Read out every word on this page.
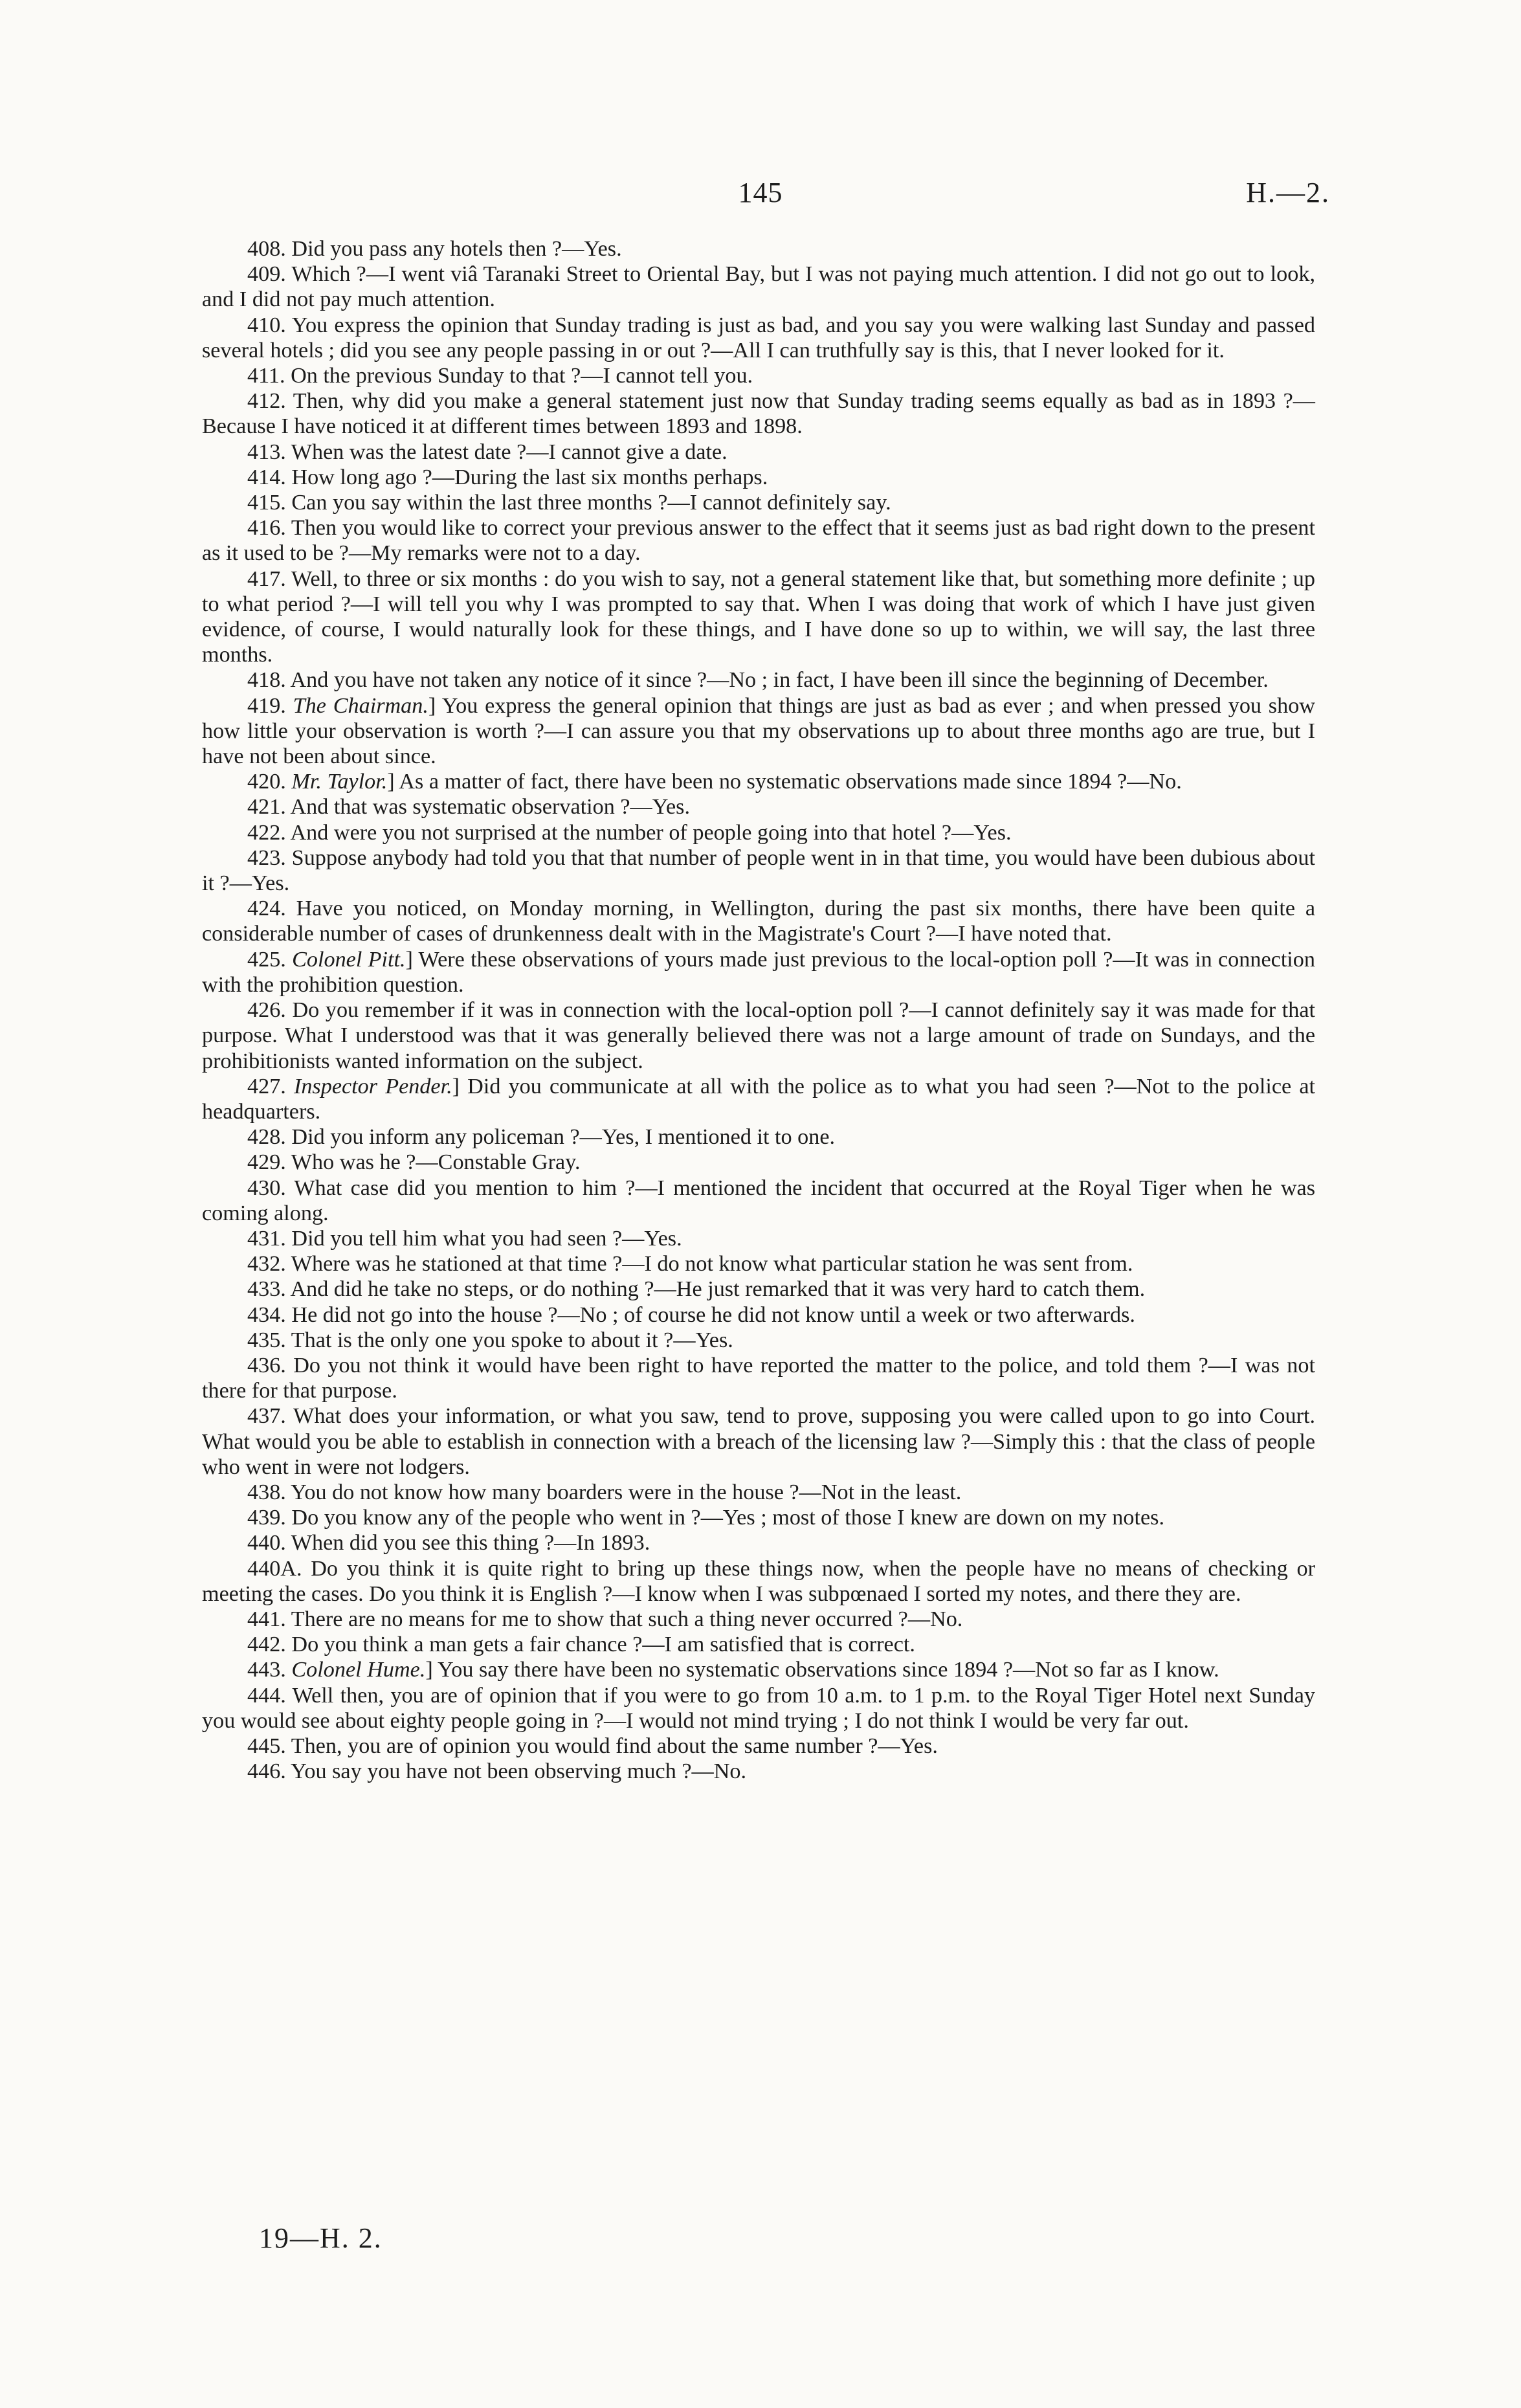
145	H.—2.

408. Did you pass any hotels then ?—Yes.

409. Which ?—I went viâ Taranaki Street to Oriental Bay, but I was not paying much attention. I did not go out to look, and I did not pay much attention.

410. You express the opinion that Sunday trading is just as bad, and you say you were walking last Sunday and passed several hotels ; did you see any people passing in or out ?—All I can truthfully say is this, that I never looked for it.

411. On the previous Sunday to that ?—I cannot tell you.

412. Then, why did you make a general statement just now that Sunday trading seems equally as bad as in 1893 ?—Because I have noticed it at different times between 1893 and 1898.

413. When was the latest date ?—I cannot give a date.

414. How long ago ?—During the last six months perhaps.

415. Can you say within the last three months ?—I cannot definitely say.

416. Then you would like to correct your previous answer to the effect that it seems just as bad right down to the present as it used to be ?—My remarks were not to a day.

417. Well, to three or six months : do you wish to say, not a general statement like that, but something more definite ; up to what period ?—I will tell you why I was prompted to say that. When I was doing that work of which I have just given evidence, of course, I would naturally look for these things, and I have done so up to within, we will say, the last three months.

418. And you have not taken any notice of it since ?—No ; in fact, I have been ill since the beginning of December.

419. The Chairman.] You express the general opinion that things are just as bad as ever ; and when pressed you show how little your observation is worth ?—I can assure you that my observations up to about three months ago are true, but I have not been about since.

420. Mr. Taylor.] As a matter of fact, there have been no systematic observations made since 1894 ?—No.

421. And that was systematic observation ?—Yes.

422. And were you not surprised at the number of people going into that hotel ?—Yes.

423. Suppose anybody had told you that that number of people went in in that time, you would have been dubious about it ?—Yes.

424. Have you noticed, on Monday morning, in Wellington, during the past six months, there have been quite a considerable number of cases of drunkenness dealt with in the Magistrate's Court ?—I have noted that.

425. Colonel Pitt.] Were these observations of yours made just previous to the local-option poll ?—It was in connection with the prohibition question.

426. Do you remember if it was in connection with the local-option poll ?—I cannot definitely say it was made for that purpose. What I understood was that it was generally believed there was not a large amount of trade on Sundays, and the prohibitionists wanted information on the subject.

427. Inspector Pender.] Did you communicate at all with the police as to what you had seen ?—Not to the police at headquarters.

428. Did you inform any policeman ?—Yes, I mentioned it to one.

429. Who was he ?—Constable Gray.

430. What case did you mention to him ?—I mentioned the incident that occurred at the Royal Tiger when he was coming along.

431. Did you tell him what you had seen ?—Yes.

432. Where was he stationed at that time ?—I do not know what particular station he was sent from.

433. And did he take no steps, or do nothing ?—He just remarked that it was very hard to catch them.

434. He did not go into the house ?—No ; of course he did not know until a week or two afterwards.

435. That is the only one you spoke to about it ?—Yes.

436. Do you not think it would have been right to have reported the matter to the police, and told them ?—I was not there for that purpose.

437. What does your information, or what you saw, tend to prove, supposing you were called upon to go into Court. What would you be able to establish in connection with a breach of the licensing law ?—Simply this : that the class of people who went in were not lodgers.

438. You do not know how many boarders were in the house ?—Not in the least.

439. Do you know any of the people who went in ?—Yes ; most of those I knew are down on my notes.

440. When did you see this thing ?—In 1893.

440A. Do you think it is quite right to bring up these things now, when the people have no means of checking or meeting the cases. Do you think it is English ?—I know when I was subpœnaed I sorted my notes, and there they are.

441. There are no means for me to show that such a thing never occurred ?—No.

442. Do you think a man gets a fair chance ?—I am satisfied that is correct.

443. Colonel Hume.] You say there have been no systematic observations since 1894 ?—Not so far as I know.

444. Well then, you are of opinion that if you were to go from 10 a.m. to 1 p.m. to the Royal Tiger Hotel next Sunday you would see about eighty people going in ?—I would not mind trying ; I do not think I would be very far out.

445. Then, you are of opinion you would find about the same number ?—Yes.

446. You say you have not been observing much ?—No.

19—H. 2.
